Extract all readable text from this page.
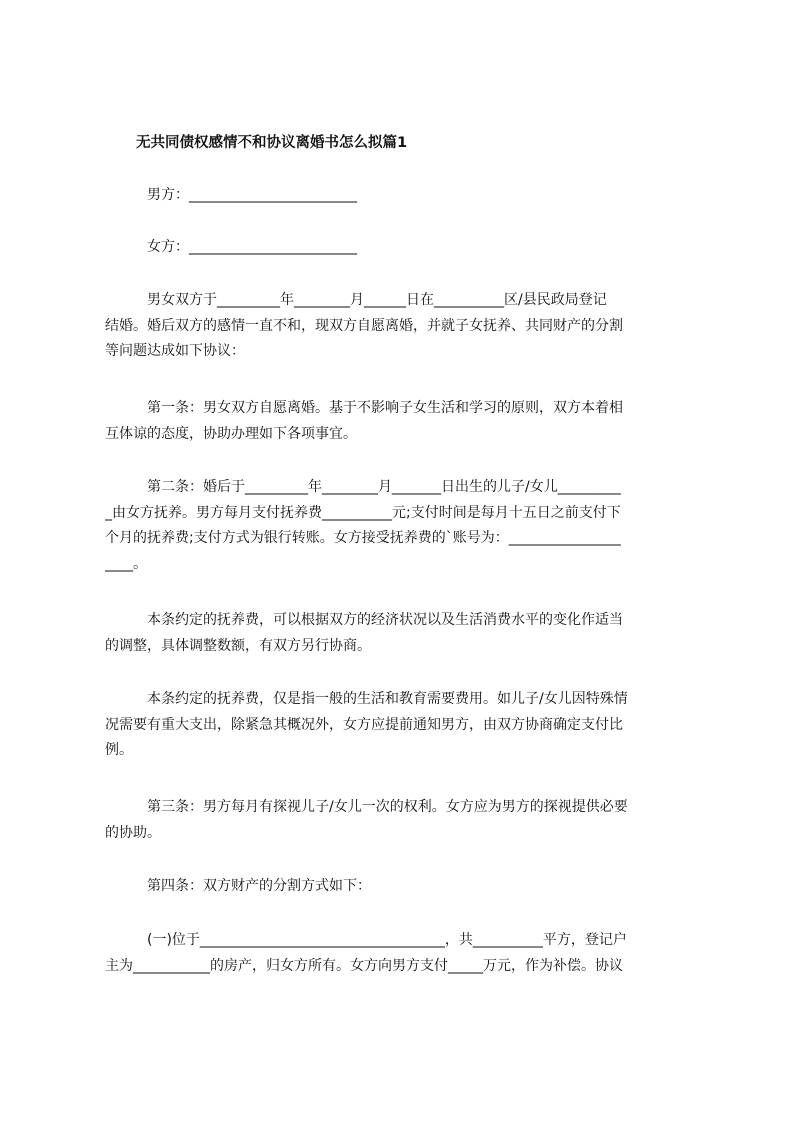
无共同债权感情不和协议离婚书怎么拟篇1
男方：________________________
女方：________________________
男女双方于_________年________月______日在__________区/县民政局登记
结婚。婚后双方的感情一直不和，现双方自愿离婚，并就子女抚养、共同财产的分割
等问题达成如下协议：
第一条：男女双方自愿离婚。基于不影响子女生活和学习的原则，双方本着相
互体谅的态度，协助办理如下各项事宜。
第二条：婚后于_________年________月_______日出生的儿子/女儿_________
_由女方抚养。男方每月支付抚养费__________元;支付时间是每月十五日之前支付下
个月的抚养费;支付方式为银行转账。女方接受抚养费的`账号为：________________
____。
本条约定的抚养费，可以根据双方的经济状况以及生活消费水平的变化作适当
的调整，具体调整数额，有双方另行协商。
本条约定的抚养费，仅是指一般的生活和教育需要费用。如儿子/女儿因特殊情
况需要有重大支出，除紧急其概况外，女方应提前通知男方，由双方协商确定支付比
例。
第三条：男方每月有探视儿子/女儿一次的权利。女方应为男方的探视提供必要
的协助。
第四条：双方财产的分割方式如下：
(一)位于___________________________________，共__________平方，登记户
主为___________的房产，归女方所有。女方向男方支付_____万元，作为补偿。协议
